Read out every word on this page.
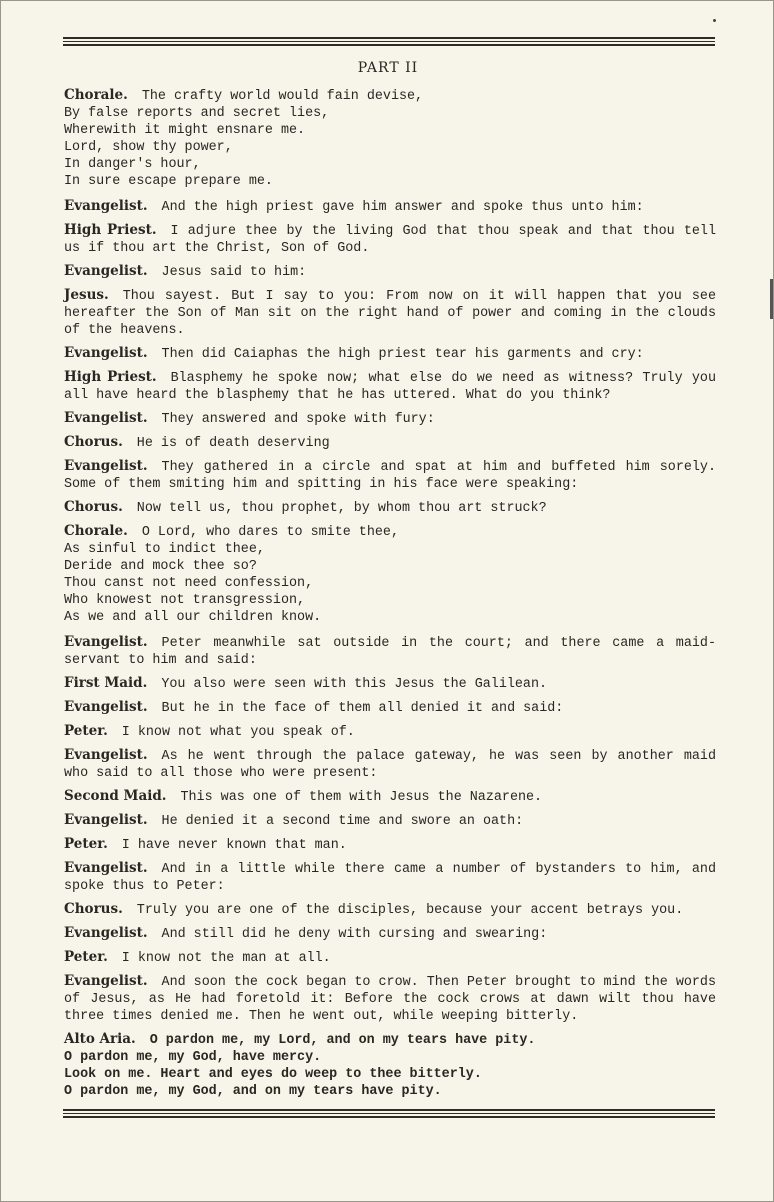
PART II
Chorale. The crafty world would fain devise,
By false reports and secret lies,
Wherewith it might ensnare me.
Lord, show thy power,
In danger's hour,
In sure escape prepare me.
Evangelist. And the high priest gave him answer and spoke thus unto him:
High Priest. I adjure thee by the living God that thou speak and that thou tell us if thou art the Christ, Son of God.
Evangelist. Jesus said to him:
Jesus. Thou sayest. But I say to you: From now on it will happen that you see hereafter the Son of Man sit on the right hand of power and coming in the clouds of the heavens.
Evangelist. Then did Caiaphas the high priest tear his garments and cry:
High Priest. Blasphemy he spoke now; what else do we need as witness? Truly you all have heard the blasphemy that he has uttered. What do you think?
Evangelist. They answered and spoke with fury:
Chorus. He is of death deserving
Evangelist. They gathered in a circle and spat at him and buffeted him sorely. Some of them smiting him and spitting in his face were speaking:
Chorus. Now tell us, thou prophet, by whom thou art struck?
Chorale. O Lord, who dares to smite thee,
As sinful to indict thee,
Deride and mock thee so?
Thou canst not need confession,
Who knowest not transgression,
As we and all our children know.
Evangelist. Peter meanwhile sat outside in the court; and there came a maid-servant to him and said:
First Maid. You also were seen with this Jesus the Galilean.
Evangelist. But he in the face of them all denied it and said:
Peter. I know not what you speak of.
Evangelist. As he went through the palace gateway, he was seen by another maid who said to all those who were present:
Second Maid. This was one of them with Jesus the Nazarene.
Evangelist. He denied it a second time and swore an oath:
Peter. I have never known that man.
Evangelist. And in a little while there came a number of bystanders to him, and spoke thus to Peter:
Chorus. Truly you are one of the disciples, because your accent betrays you.
Evangelist. And still did he deny with cursing and swearing:
Peter. I know not the man at all.
Evangelist. And soon the cock began to crow. Then Peter brought to mind the words of Jesus, as He had foretold it: Before the cock crows at dawn wilt thou have three times denied me. Then he went out, while weeping bitterly.
Alto Aria. O pardon me, my Lord, and on my tears have pity.
O pardon me, my God, have mercy.
Look on me. Heart and eyes do weep to thee bitterly.
O pardon me, my God, and on my tears have pity.
